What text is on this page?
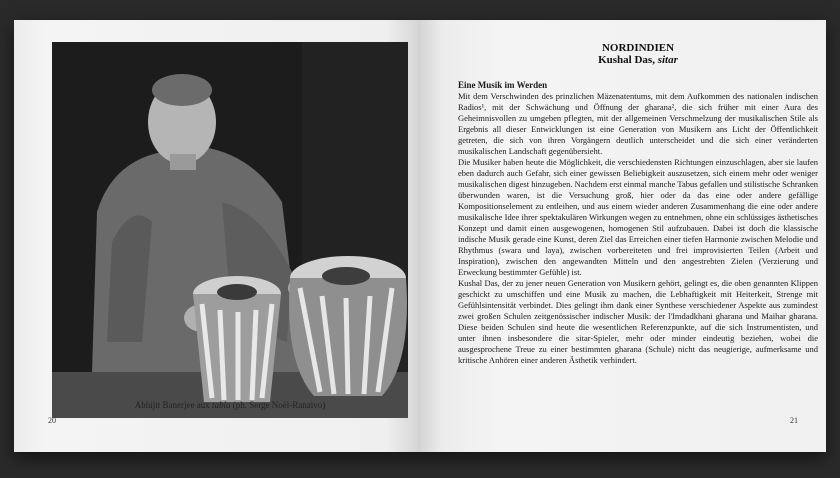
Abhijit Banerjee aux tabla (ph. Serge Noël-Ranaivo)
20
NORDINDIEN
Kushal Das, sitar
Eine Musik im Werden

Mit dem Verschwinden des prinzlichen Mäzenatentums, mit dem Aufkommen des nationalen indischen Radios¹, mit der Schwächung und Öffnung der gharana², die sich früher mit einer Aura des Geheimnisvollen zu umgeben pflegten, mit der allgemeinen Verschmelzung der musikalischen Stile als Ergebnis all dieser Entwicklungen ist eine Generation von Musikern ans Licht der Öffentlichkeit getreten, die sich von ihren Vorgängern deutlich unterscheidet und die sich einer veränderten musikalischen Landschaft gegenübersieht.

Die Musiker haben heute die Möglichkeit, die verschiedensten Richtungen einzuschlagen, aber sie laufen eben dadurch auch Gefahr, sich einer gewissen Beliebigkeit auszusetzen, sich einem mehr oder weniger musikalischen digest hinzugeben. Nachdem erst einmal manche Tabus gefallen und stilistische Schranken überwunden waren, ist die Versuchung groß, hier oder da das eine oder andere gefällige Kompositionselement zu entleihen, und aus einem wieder anderen Zusammenhang die eine oder andere musikalische Idee ihrer spektakulären Wirkungen wegen zu entnehmen, ohne ein schlüssiges ästhetisches Konzept und damit einen ausgewogenen, homogenen Stil aufzubauen. Dabei ist doch die klassische indische Musik gerade eine Kunst, deren Ziel das Erreichen einer tiefen Harmonie zwischen Melodie und Rhythmus (swara und laya), zwischen vorbereiteten und frei improvisierten Teilen (Arbeit und Inspiration), zwischen den angewandten Mitteln und den angestrebten Zielen (Verzierung und Erweckung bestimmter Gefühle) ist.

Kushal Das, der zu jener neuen Generation von Musikern gehört, gelingt es, die oben genannten Klippen geschickt zu umschiffen und eine Musik zu machen, die Lebhaftigkeit mit Heiterkeit, Strenge mit Gefühlsintensität verbindet. Dies gelingt ihm dank einer Synthese verschiedener Aspekte aus zumindest zwei großen Schulen zeitgenössischer indischer Musik: der l'Imdadkhani gharana und Maihar gharana. Diese beiden Schulen sind heute die wesentlichen Referenzpunkte, auf die sich Instrumentisten, und unter ihnen insbesondere die sitar-Spieler, mehr oder minder eindeutig beziehen, wobei die ausgesprochene Treue zu einer bestimmten gharana (Schule) nicht das neugierige, aufmerksame und kritische Anhören einer anderen Ästhetik verhindert.

21
